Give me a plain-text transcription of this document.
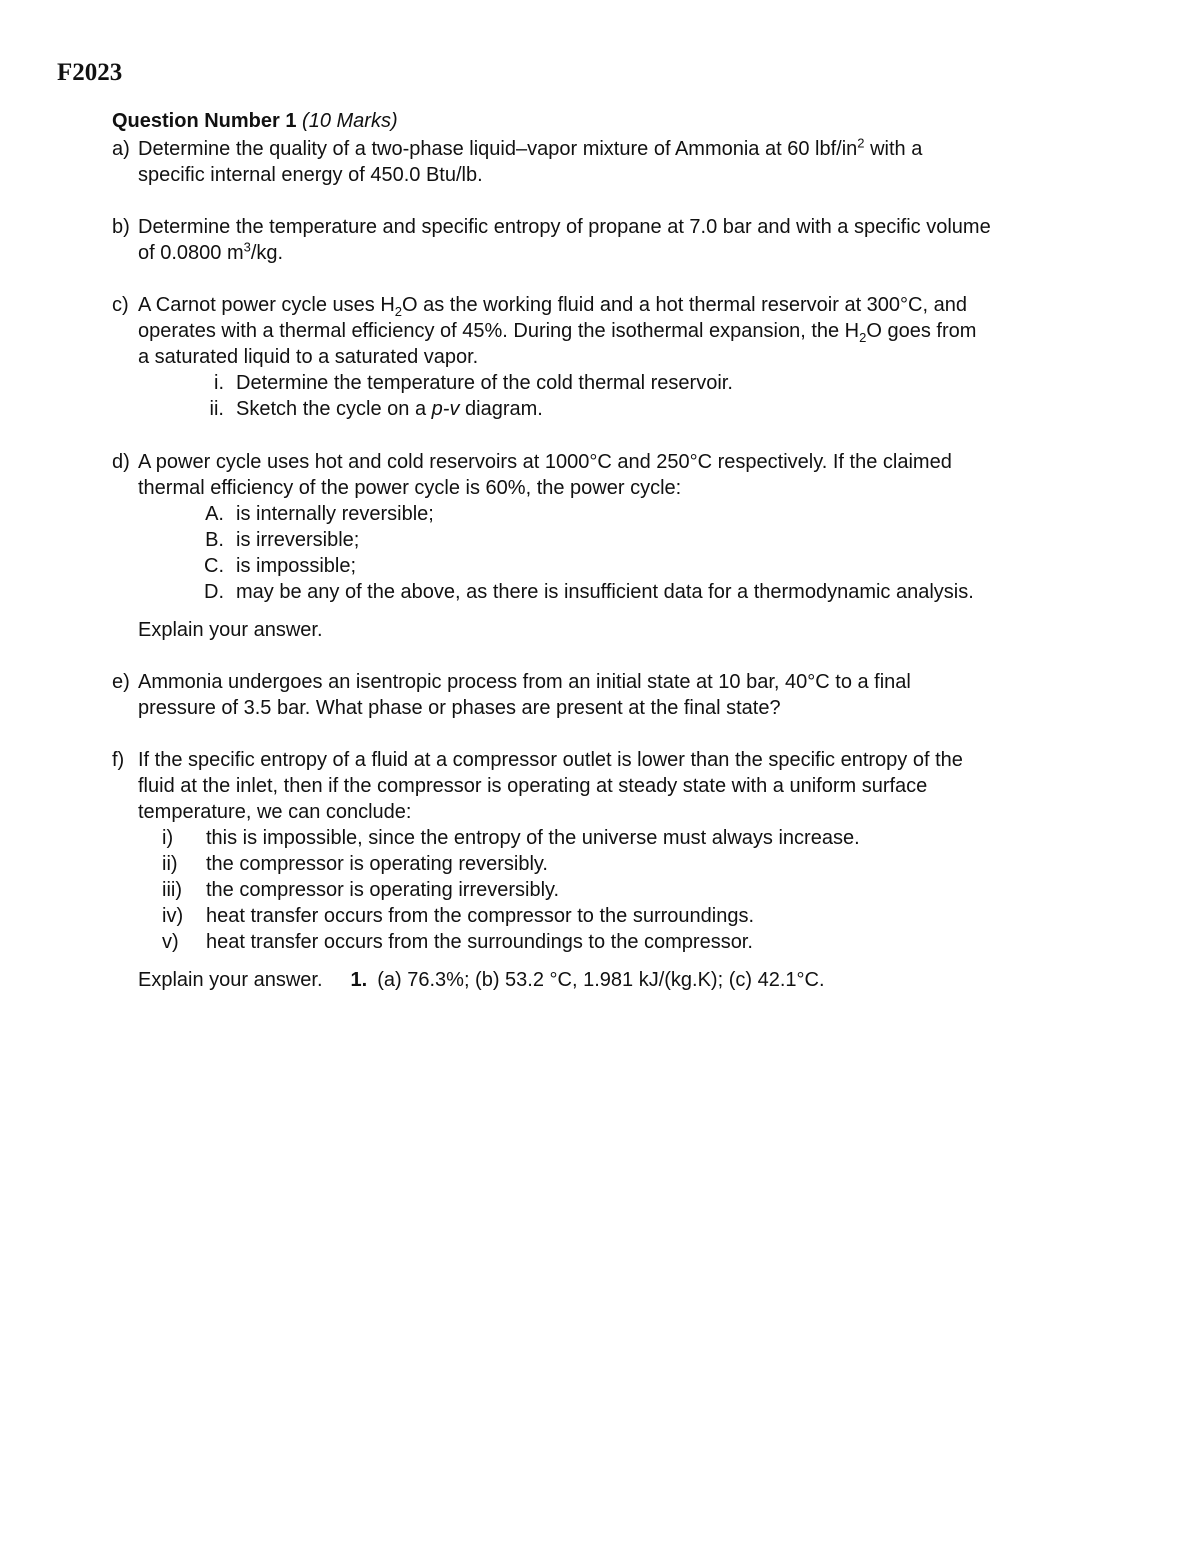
F2023
Question Number 1 (10 Marks)
a) Determine the quality of a two-phase liquid–vapor mixture of Ammonia at 60 lbf/$in^2$ with a
specific internal energy of 450.0 Btu/lb.
b) Determine the temperature and specific entropy of propane at 7.0 bar and with a specific volume
of 0.0800 $m^3/kg$.
c) A Carnot power cycle uses $H_2O$ as the working fluid and a hot thermal reservoir at 300°C, and
operates with a thermal efficiency of 45%. During the isothermal expansion, the $H_2O$ goes from
a saturated liquid to a saturated vapor.
i. Determine the temperature of the cold thermal reservoir.
ii. Sketch the cycle on a p-v diagram.
d) A power cycle uses hot and cold reservoirs at 1000°C and 250°C respectively. If the claimed
thermal efficiency of the power cycle is 60%, the power cycle:
A. is internally reversible;
B. is irreversible;
C. is impossible;
D. may be any of the above, as there is insufficient data for a thermodynamic analysis.
Explain your answer.
e) Ammonia undergoes an isentropic process from an initial state at 10 bar, 40°C to a final
pressure of 3.5 bar. What phase or phases are present at the final state?
f) If the specific entropy of a fluid at a compressor outlet is lower than the specific entropy of the
fluid at the inlet, then if the compressor is operating at steady state with a uniform surface
temperature, we can conclude:
i) this is impossible, since the entropy of the universe must always increase.
ii) the compressor is operating reversibly.
iii) the compressor is operating irreversibly.
iv) heat transfer occurs from the compressor to the surroundings.
v) heat transfer occurs from the surroundings to the compressor.
Explain your answer. 1. (a) 76.3%; (b) 53.2 °C, 1.981 kJ/(kg.K); (c) 42.1°C.
